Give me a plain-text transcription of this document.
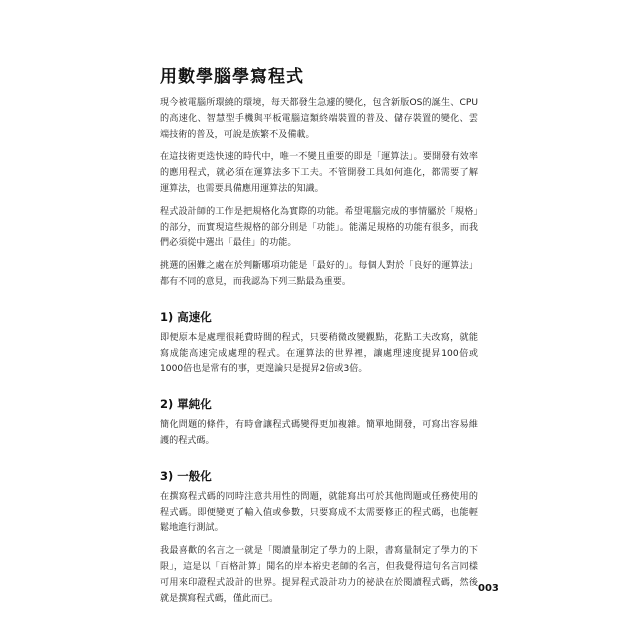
用數學腦學寫程式

現今被電腦所環繞的環境，每天都發生急遽的變化，包含新版OS的誕生、CPU的高速化、智慧型手機與平板電腦這類終端裝置的普及、儲存裝置的變化、雲端技術的普及，可說是族繁不及備載。

在這技術更迭快速的時代中，唯一不變且重要的即是「運算法」。要開發有效率的應用程式，就必須在運算法多下工夫。不管開發工具如何進化，都需要了解運算法，也需要具備應用運算法的知識。

程式設計師的工作是把規格化為實際的功能。希望電腦完成的事情屬於「規格」的部分，而實現這些規格的部分則是「功能」。能滿足規格的功能有很多，而我們必須從中選出「最佳」的功能。

挑選的困難之處在於判斷哪項功能是「最好的」。每個人對於「良好的運算法」都有不同的意見，而我認為下列三點最為重要。

1) 高速化

即便原本是處理很耗費時間的程式，只要稍微改變觀點，花點工夫改寫，就能寫成能高速完成處理的程式。在運算法的世界裡，讓處理速度提昇100倍或1000倍也是常有的事，更遑論只是提昇2倍或3倍。

2) 單純化

簡化問題的條件，有時會讓程式碼變得更加複雜。簡單地開發，可寫出容易維護的程式碼。

3) 一般化

在撰寫程式碼的同時注意共用性的問題，就能寫出可於其他問題或任務使用的程式碼。即便變更了輸入值或參數，只要寫成不太需要修正的程式碼，也能輕鬆地進行測試。

我最喜歡的名言之一就是「閱讀量制定了學力的上限，書寫量制定了學力的下限」，這是以「百格計算」聞名的岸本裕史老師的名言，但我覺得這句名言同樣可用來印證程式設計的世界。提昇程式設計功力的祕訣在於閱讀程式碼，然後就是撰寫程式碼，僅此而已。

003
